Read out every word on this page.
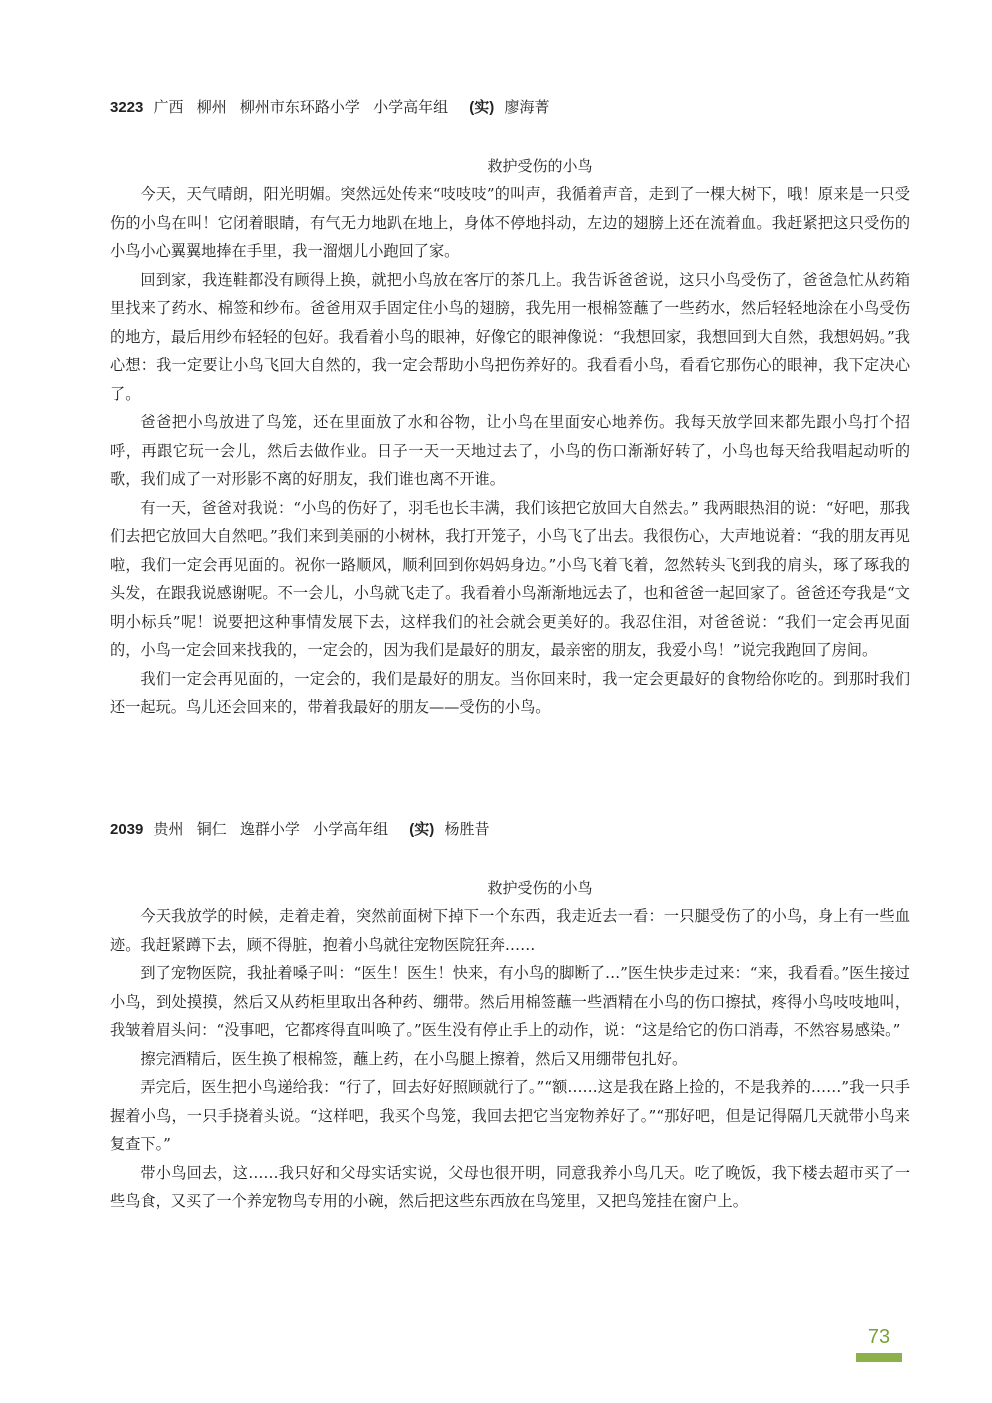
3223 广西 柳州 柳州市东环路小学 小学高年组 (实) 廖海菁
救护受伤的小鸟

今天，天气晴朗，阳光明媚。突然远处传来“吱吱吱”的叫声，我循着声音，走到了一棵大树下，哦！原来是一只受伤的小鸟在叫！它闭着眼睛，有气无力地趴在地上，身体不停地抖动，左边的翅膀上还在流着血。我赶紧把这只受伤的小鸟小心翼翼地捧在手里，我一溜烟儿小跑回了家。

回到家，我连鞋都没有顾得上换，就把小鸟放在客厅的茶几上。我告诉爸爸说，这只小鸟受伤了，爸爸急忙从药箱里找来了药水、棉签和纱布。爸爸用双手固定住小鸟的翅膀，我先用一根棉签蘸了一些药水，然后轻轻地涂在小鸟受伤的地方，最后用纱布轻轻的包好。我看着小鸟的眼神，好像它的眼神像说：“我想回家，我想回到大自然，我想妈妈。”我心想：我一定要让小鸟飞回大自然的，我一定会帮助小鸟把伤养好的。我看看小鸟，看看它那伤心的眼神，我下定决心了。

爸爸把小鸟放进了鸟笼，还在里面放了水和谷物，让小鸟在里面安心地养伤。我每天放学回来都先跟小鸟打个招呼，再跟它玩一会儿，然后去做作业。日子一天一天地过去了，小鸟的伤口渐渐好转了，小鸟也每天给我唱起动听的歌，我们成了一对形影不离的好朋友，我们谁也离不开谁。

有一天，爸爸对我说：“小鸟的伤好了，羽毛也长丰满，我们该把它放回大自然去。” 我两眼热泪的说：“好吧，那我们去把它放回大自然吧。”我们来到美丽的小树林，我打开笼子，小鸟飞了出去。我很伤心，大声地说着：“我的朋友再见啦，我们一定会再见面的。祝你一路顺风，顺利回到你妈妈身边。”小鸟飞着飞着，忽然转头飞到我的肩头，琢了琢我的头发，在跟我说感谢呢。不一会儿，小鸟就飞走了。我看着小鸟渐渐地远去了，也和爸爸一起回家了。爸爸还夸我是“文明小标兵”呢！说要把这种事情发展下去，这样我们的社会就会更美好的。我忍住泪，对爸爸说：“我们一定会再见面的，小鸟一定会回来找我的，一定会的，因为我们是最好的朋友，最亲密的朋友，我爱小鸟！”说完我跑回了房间。

我们一定会再见面的，一定会的，我们是最好的朋友。当你回来时，我一定会更最好的食物给你吃的。到那时我们还一起玩。鸟儿还会回来的，带着我最好的朋友——受伤的小鸟。

2039 贵州 铜仁 逸群小学 小学高年组 (实) 杨胜昔
救护受伤的小鸟

今天我放学的时候，走着走着，突然前面树下掉下一个东西，我走近去一看：一只腿受伤了的小鸟，身上有一些血迹。我赶紧蹲下去，顾不得脏，抱着小鸟就往宠物医院狂奔……

到了宠物医院，我扯着嗓子叫：“医生！医生！快来，有小鸟的脚断了…”医生快步走过来：“来，我看看。”医生接过小鸟，到处摸摸，然后又从药柜里取出各种药、绷带。然后用棉签蘸一些酒精在小鸟的伤口擦拭，疼得小鸟吱吱地叫，我皱着眉头问：“没事吧，它都疼得直叫唤了。”医生没有停止手上的动作，说：“这是给它的伤口消毒，不然容易感染。”

擦完酒精后，医生换了根棉签，蘸上药，在小鸟腿上擦着，然后又用绷带包扎好。

弄完后，医生把小鸟递给我：“行了，回去好好照顾就行了。”“额……这是我在路上捡的，不是我养的……”我一只手握着小鸟，一只手挠着头说。“这样吧，我买个鸟笼，我回去把它当宠物养好了。”“那好吧，但是记得隔几天就带小鸟来复查下。”

带小鸟回去，这……我只好和父母实话实说，父母也很开明，同意我养小鸟几天。吃了晚饭，我下楼去超市买了一些鸟食，又买了一个养宠物鸟专用的小碗，然后把这些东西放在鸟笼里，又把鸟笼挂在窗户上。

73
